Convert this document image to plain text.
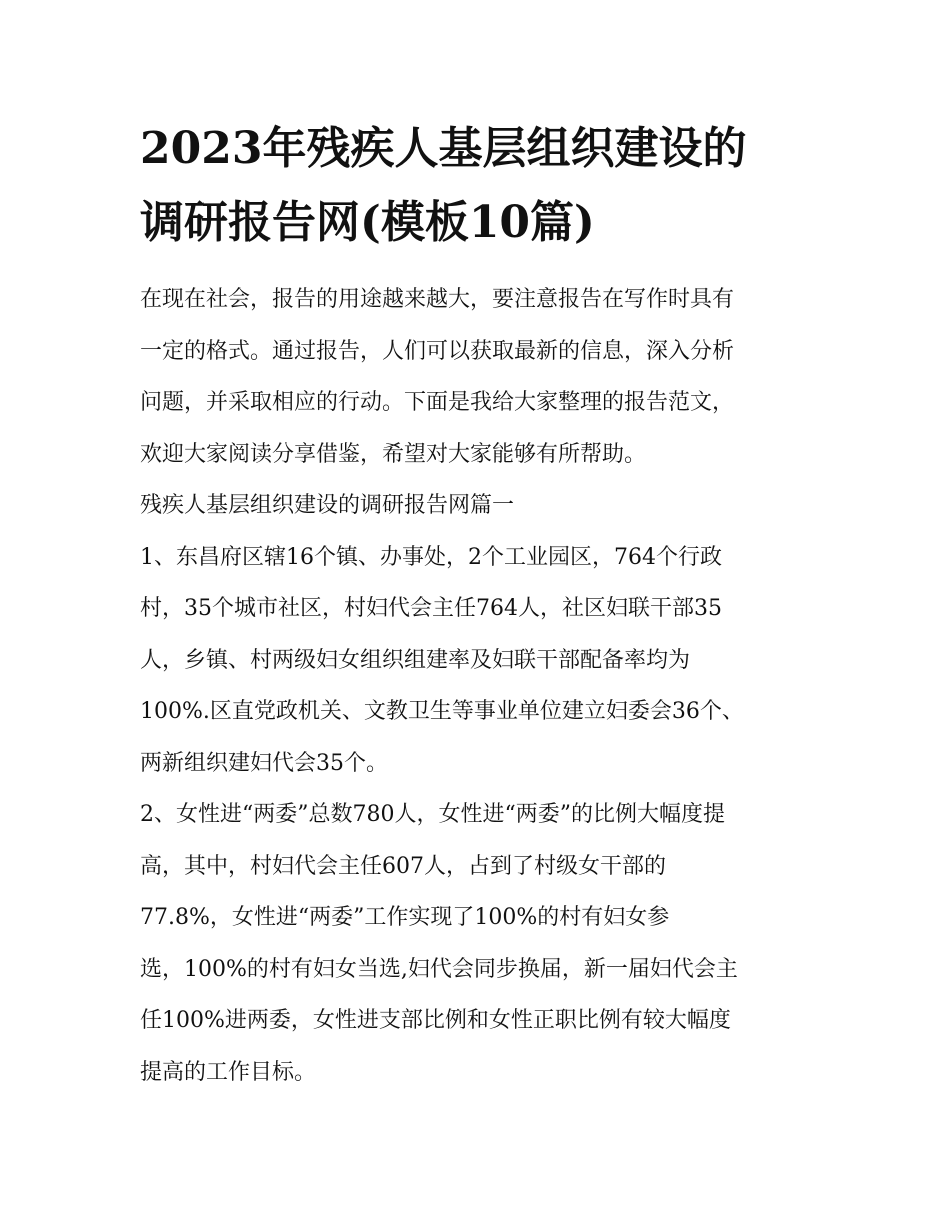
2023年残疾人基层组织建设的
调研报告网(模板10篇)
在现在社会，报告的用途越来越大，要注意报告在写作时具有
一定的格式。通过报告，人们可以获取最新的信息，深入分析
问题，并采取相应的行动。下面是我给大家整理的报告范文，
欢迎大家阅读分享借鉴，希望对大家能够有所帮助。
残疾人基层组织建设的调研报告网篇一
1、东昌府区辖16个镇、办事处，2个工业园区，764个行政
村，35个城市社区，村妇代会主任764人，社区妇联干部35
人，乡镇、村两级妇女组织组建率及妇联干部配备率均为
100%.区直党政机关、文教卫生等事业单位建立妇委会36个、
两新组织建妇代会35个。
2、女性进“两委”总数780人，女性进“两委”的比例大幅度提
高，其中，村妇代会主任607人，占到了村级女干部的
77.8%，女性进“两委”工作实现了100%的村有妇女参
选，100%的村有妇女当选,妇代会同步换届，新一届妇代会主
任100%进两委，女性进支部比例和女性正职比例有较大幅度
提高的工作目标。
